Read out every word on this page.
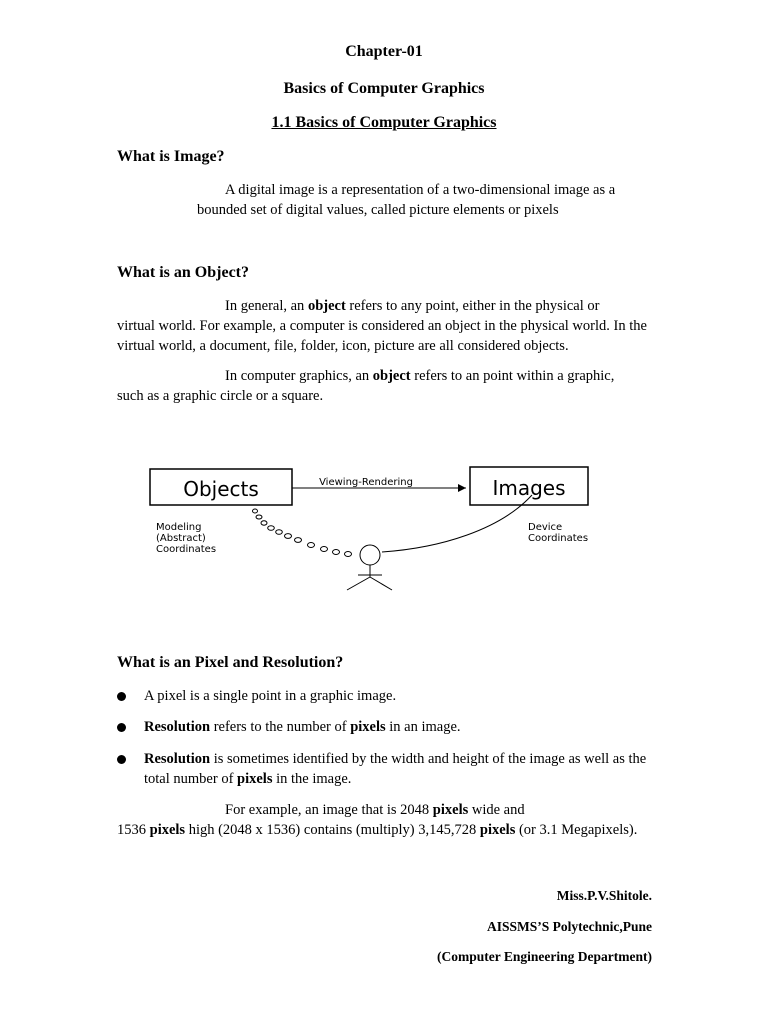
Chapter-01
Basics of Computer Graphics
1.1 Basics of Computer Graphics
What is Image?
A digital image is a representation of a two-dimensional image as a
bounded set of digital values, called picture elements or pixels
What is an Object?
In general, an object refers to any point, either in the physical or
virtual world. For example, a computer is considered an object in the physical world. In the virtual world, a document, file, folder, icon, picture are all considered objects.
In computer graphics, an object refers to an point within a graphic,
such as a graphic circle or a square.
Objects	Images
Viewing-Rendering
Modeling
(Abstract)
Coordinates
Device
Coordinates
What is an Pixel and Resolution?
A pixel is a single point in a graphic image.
Resolution refers to the number of pixels in an image.
Resolution is sometimes identified by the width and height of the image as well as the total number of pixels in the image.
For example, an image that is 2048 pixels wide and
1536 pixels high (2048 x 1536) contains (multiply) 3,145,728 pixels (or 3.1 Megapixels).
Miss.P.V.Shitole.
AISSMS’S Polytechnic,Pune
(Computer Engineering Department)
